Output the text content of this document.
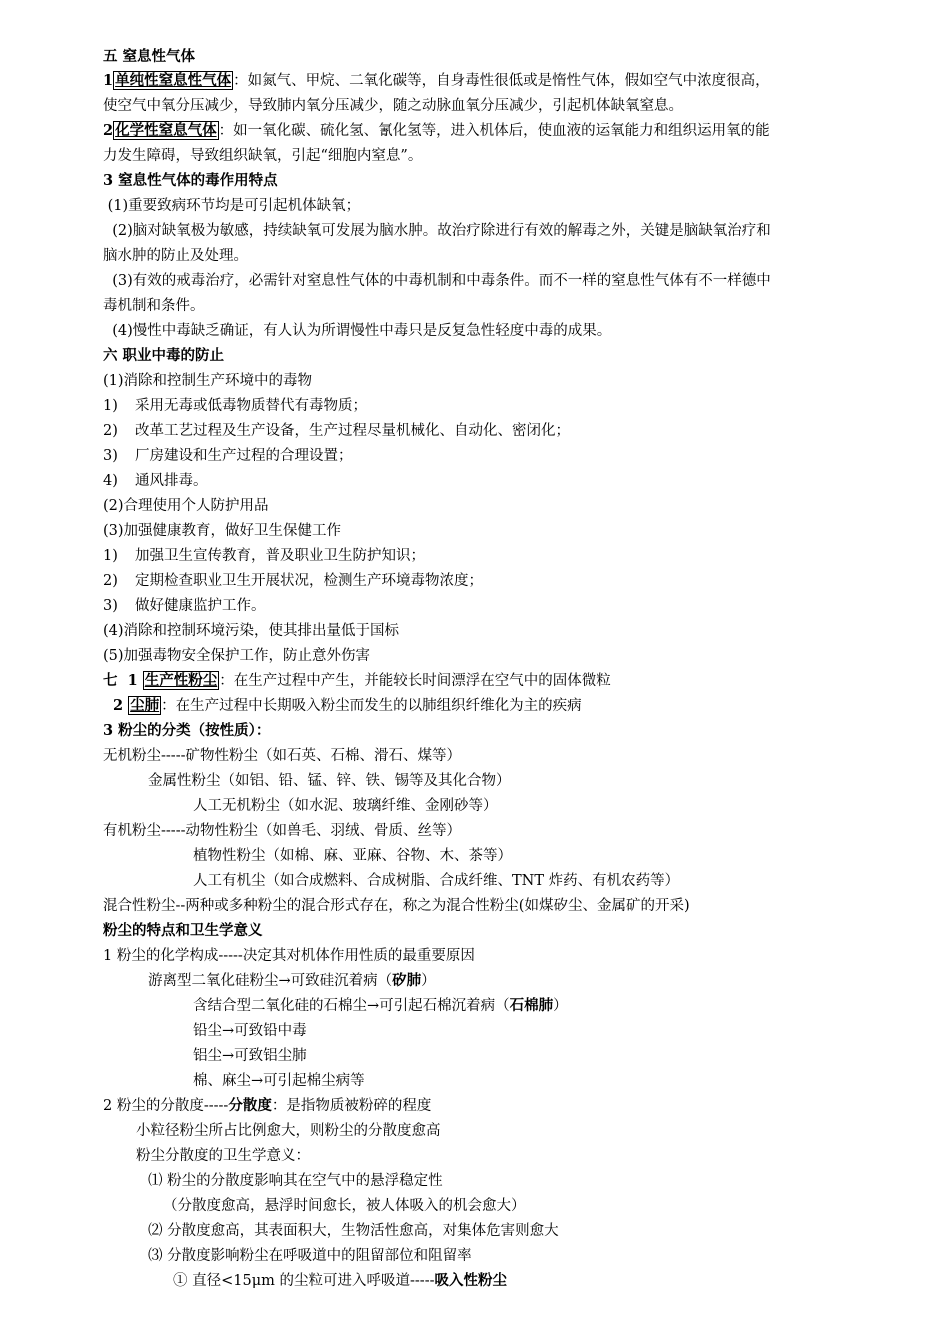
五 窒息性气体
1 单纯性窒息性气体 ：如氮气、甲烷、二氧化碳等，自身毒性很低或是惰性气体，假如空气中浓度很高，
使空气中氧分压减少，导致肺内氧分压减少，随之动脉血氧分压减少，引起机体缺氧窒息。
2 化学性窒息气体 ：如一氧化碳、硫化氢、氰化氢等，进入机体后，使血液的运氧能力和组织运用氧的能
力发生障碍，导致组织缺氧，引起“细胞内窒息”。
3 窒息性气体的毒作用特点
(1)重要致病环节均是可引起机体缺氧；
(2)脑对缺氧极为敏感，持续缺氧可发展为脑水肿。故治疗除进行有效的解毒之外，关键是脑缺氧治疗和
脑水肿的防止及处理。
(3)有效的戒毒治疗，必需针对窒息性气体的中毒机制和中毒条件。而不一样的窒息性气体有不一样德中
毒机制和条件。
(4)慢性中毒缺乏确证，有人认为所谓慢性中毒只是反复急性轻度中毒的成果。
六 职业中毒的防止
(1)消除和控制生产环境中的毒物
1) 采用无毒或低毒物质替代有毒物质；
2) 改革工艺过程及生产设备，生产过程尽量机械化、自动化、密闭化；
3) 厂房建设和生产过程的合理设置；
4) 通风排毒。
(2)合理使用个人防护用品
(3)加强健康教育，做好卫生保健工作
1) 加强卫生宣传教育，普及职业卫生防护知识；
2) 定期检查职业卫生开展状况，检测生产环境毒物浓度；
3) 做好健康监护工作。
(4)消除和控制环境污染，使其排出量低于国标
(5)加强毒物安全保护工作，防止意外伤害
七  1 生产性粉尘 ：在生产过程中产生，并能较长时间漂浮在空气中的固体微粒
2 尘肺 ：在生产过程中长期吸入粉尘而发生的以肺组织纤维化为主的疾病
3 粉尘的分类（按性质）：
无机粉尘-----矿物性粉尘（如石英、石棉、滑石、煤等）
金属性粉尘（如铝、铅、锰、锌、铁、锡等及其化合物）
人工无机粉尘（如水泥、玻璃纤维、金刚砂等）
有机粉尘-----动物性粉尘（如兽毛、羽绒、骨质、丝等）
植物性粉尘（如棉、麻、亚麻、谷物、木、茶等）
人工有机尘（如合成燃料、合成树脂、合成纤维、TNT 炸药、有机农药等）
混合性粉尘--两种或多种粉尘的混合形式存在，称之为混合性粉尘(如煤矽尘、金属矿的开采)
粉尘的特点和卫生学意义
1 粉尘的化学构成-----决定其对机体作用性质的最重要原因
游离型二氧化硅粉尘→可致硅沉着病（矽肺）
含结合型二氧化硅的石棉尘→可引起石棉沉着病（石棉肺）
铅尘→可致铅中毒
铝尘→可致铝尘肺
棉、麻尘→可引起棉尘病等
2 粉尘的分散度-----分散度：是指物质被粉碎的程度
小粒径粉尘所占比例愈大，则粉尘的分散度愈高
粉尘分散度的卫生学意义：
⑴ 粉尘的分散度影响其在空气中的悬浮稳定性
（分散度愈高，悬浮时间愈长，被人体吸入的机会愈大）
⑵ 分散度愈高，其表面积大，生物活性愈高，对集体危害则愈大
⑶ 分散度影响粉尘在呼吸道中的阻留部位和阻留率
① 直径<15μm 的尘粒可进入呼吸道-----吸入性粉尘
